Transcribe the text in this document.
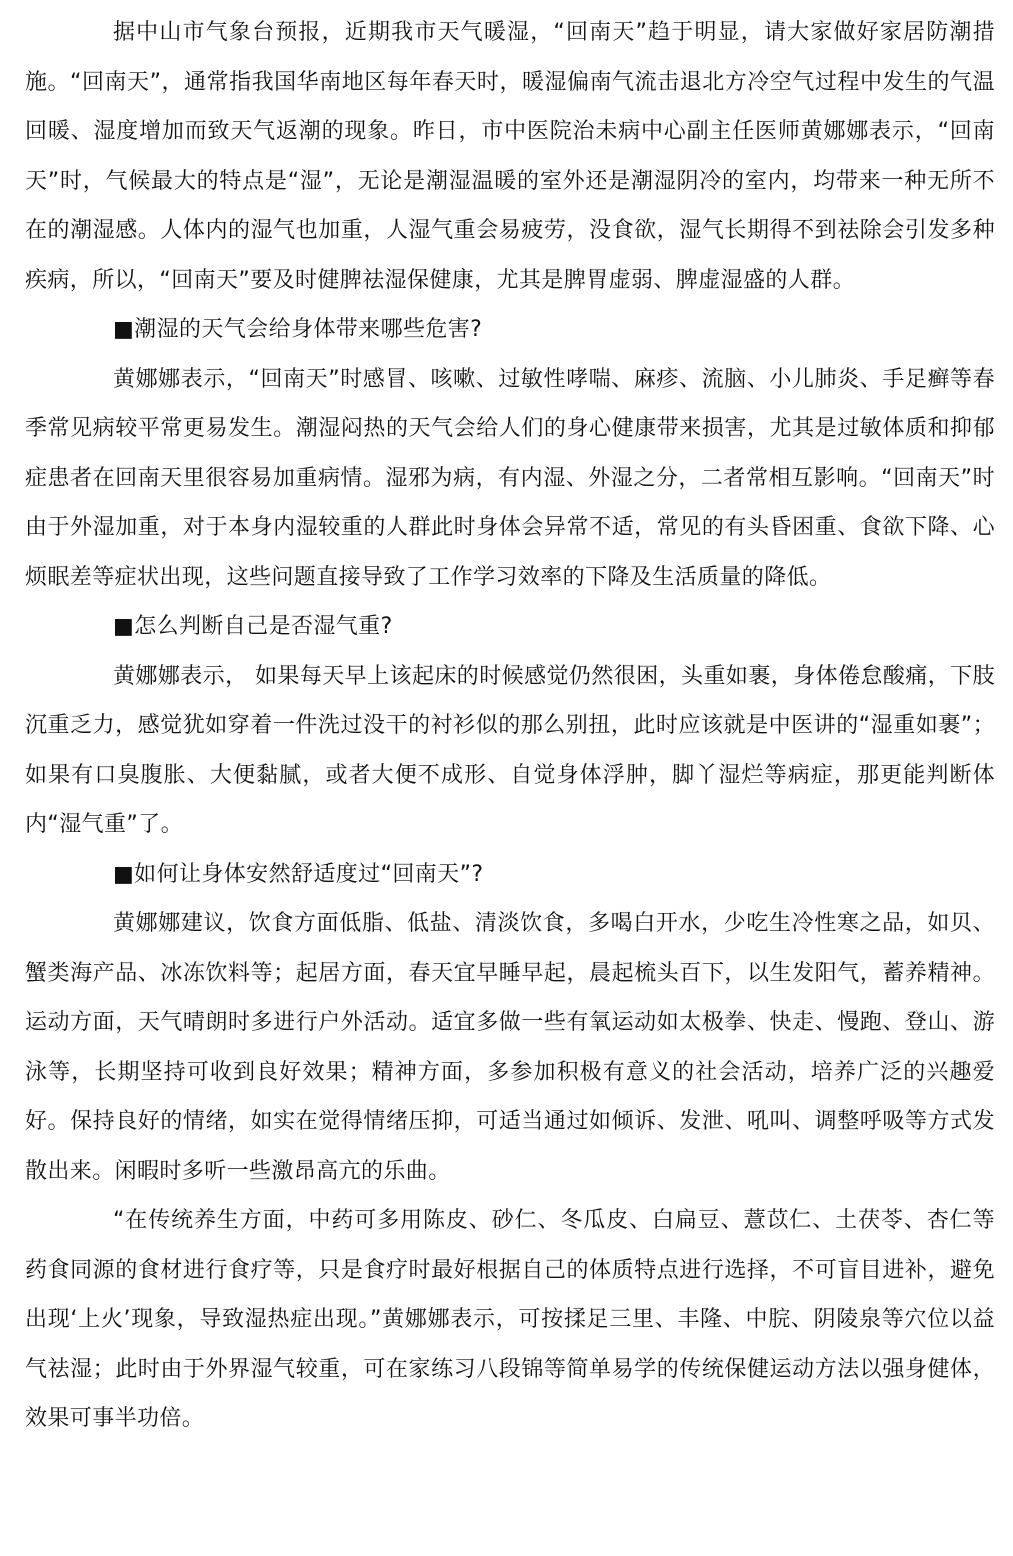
据中山市气象台预报，近期我市天气暖湿，“回南天”趋于明显，请大家做好家居防潮措施。“回南天”，通常指我国华南地区每年春天时，暖湿偏南气流击退北方冷空气过程中发生的气温回暖、湿度增加而致天气返潮的现象。昨日，市中医院治未病中心副主任医师黄娜娜表示，“回南天”时，气候最大的特点是“湿”，无论是潮湿温暖的室外还是潮湿阴冷的室内，均带来一种无所不在的潮湿感。人体内的湿气也加重，人湿气重会易疲劳，没食欲，湿气长期得不到祛除会引发多种疾病，所以，“回南天”要及时健脾祛湿保健康，尤其是脾胃虚弱、脾虚湿盛的人群。

■潮湿的天气会给身体带来哪些危害?

黄娜娜表示，“回南天”时感冒、咳嗽、过敏性哮喘、麻疹、流脑、小儿肺炎、手足癣等春季常见病较平常更易发生。潮湿闷热的天气会给人们的身心健康带来损害，尤其是过敏体质和抑郁症患者在回南天里很容易加重病情。湿邪为病，有内湿、外湿之分，二者常相互影响。“回南天”时由于外湿加重，对于本身内湿较重的人群此时身体会异常不适，常见的有头昏困重、食欲下降、心烦眠差等症状出现，这些问题直接导致了工作学习效率的下降及生活质量的降低。

■怎么判断自己是否湿气重?

黄娜娜表示， 如果每天早上该起床的时候感觉仍然很困，头重如裹，身体倦怠酸痛，下肢沉重乏力，感觉犹如穿着一件洗过没干的衬衫似的那么别扭，此时应该就是中医讲的“湿重如裹”；如果有口臭腹胀、大便黏腻，或者大便不成形、自觉身体浮肿，脚丫湿烂等病症，那更能判断体内“湿气重”了。

■如何让身体安然舒适度过“回南天”?

黄娜娜建议，饮食方面低脂、低盐、清淡饮食，多喝白开水，少吃生冷性寒之品，如贝、蟹类海产品、冰冻饮料等；起居方面，春天宜早睡早起，晨起梳头百下，以生发阳气，蓄养精神。运动方面，天气晴朗时多进行户外活动。适宜多做一些有氧运动如太极拳、快走、慢跑、登山、游泳等，长期坚持可收到良好效果；精神方面，多参加积极有意义的社会活动，培养广泛的兴趣爱好。保持良好的情绪，如实在觉得情绪压抑，可适当通过如倾诉、发泄、吼叫、调整呼吸等方式发散出来。闲暇时多听一些激昂高亢的乐曲。

“在传统养生方面，中药可多用陈皮、砂仁、冬瓜皮、白扁豆、薏苡仁、土茯苓、杏仁等药食同源的食材进行食疗等，只是食疗时最好根据自己的体质特点进行选择，不可盲目进补，避免出现‘上火’现象，导致湿热症出现。”黄娜娜表示，可按揉足三里、丰隆、中脘、阴陵泉等穴位以益气祛湿；此时由于外界湿气较重，可在家练习八段锦等简单易学的传统保健运动方法以强身健体，效果可事半功倍。
